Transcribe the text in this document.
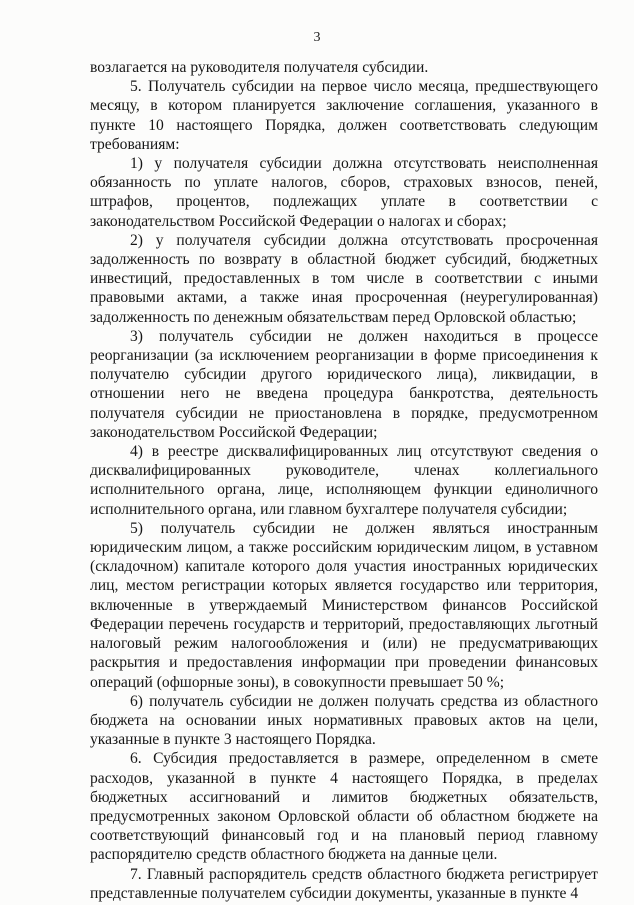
3

возлагается на руководителя получателя субсидии.

5. Получатель субсидии на первое число месяца, предшествующего месяцу, в котором планируется заключение соглашения, указанного в пункте 10 настоящего Порядка, должен соответствовать следующим требованиям:

1) у получателя субсидии должна отсутствовать неисполненная обязанность по уплате налогов, сборов, страховых взносов, пеней, штрафов, процентов, подлежащих уплате в соответствии с законодательством Российской Федерации о налогах и сборах;

2) у получателя субсидии должна отсутствовать просроченная задолженность по возврату в областной бюджет субсидий, бюджетных инвестиций, предоставленных в том числе в соответствии с иными правовыми актами, а также иная просроченная (неурегулированная) задолженность по денежным обязательствам перед Орловской областью;

3) получатель субсидии не должен находиться в процессе реорганизации (за исключением реорганизации в форме присоединения к получателю субсидии другого юридического лица), ликвидации, в отношении него не введена процедура банкротства, деятельность получателя субсидии не приостановлена в порядке, предусмотренном законодательством Российской Федерации;

4) в реестре дисквалифицированных лиц отсутствуют сведения о дисквалифицированных руководителе, членах коллегиального исполнительного органа, лице, исполняющем функции единоличного исполнительного органа, или главном бухгалтере получателя субсидии;

5) получатель субсидии не должен являться иностранным юридическим лицом, а также российским юридическим лицом, в уставном (складочном) капитале которого доля участия иностранных юридических лиц, местом регистрации которых является государство или территория, включенные в утверждаемый Министерством финансов Российской Федерации перечень государств и территорий, предоставляющих льготный налоговый режим налогообложения и (или) не предусматривающих раскрытия и предоставления информации при проведении финансовых операций (офшорные зоны), в совокупности превышает 50 %;

6) получатель субсидии не должен получать средства из областного бюджета на основании иных нормативных правовых актов на цели, указанные в пункте 3 настоящего Порядка.

6. Субсидия предоставляется в размере, определенном в смете расходов, указанной в пункте 4 настоящего Порядка, в пределах бюджетных ассигнований и лимитов бюджетных обязательств, предусмотренных законом Орловской области об областном бюджете на соответствующий финансовый год и на плановый период главному распорядителю средств областного бюджета на данные цели.

7. Главный распорядитель средств областного бюджета регистрирует представленные получателем субсидии документы, указанные в пункте 4
